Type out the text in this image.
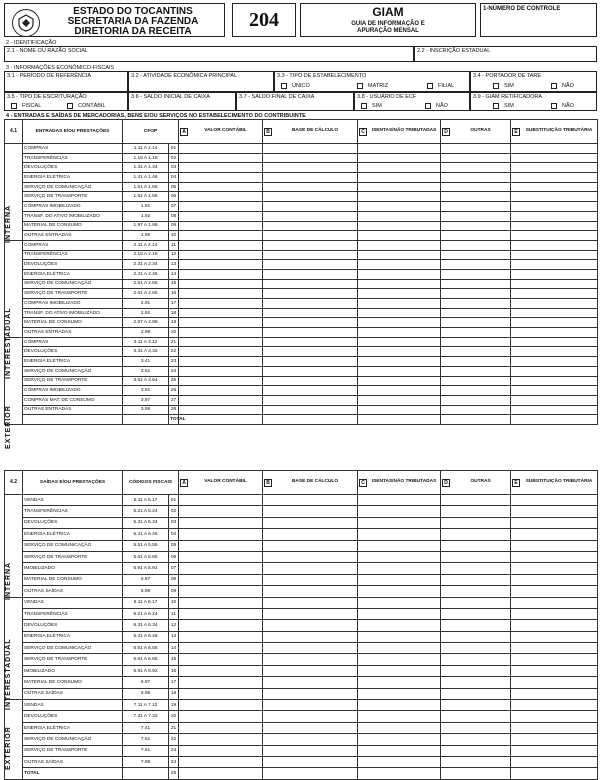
ESTADO DO TOCANTINS
SECRETARIA DA FAZENDA
DIRETORIA DA RECEITA
204	GIAM
GUIA DE INFORMAÇÃO E APURAÇÃO MENSAL
1-NÚMERO DE CONTROLE
2 - IDENTIFICAÇÃO
2.1 - NOME OU RAZÃO SOCIAL	2.2 - INSCRIÇÃO ESTADUAL
3 - INFORMAÇÕES ECONÔMICO-FISCAIS
3.1 - PERÍODO DE REFERÊNCIA	3.2 - ATIVIDADE ECONÔMICA PRINCIPAL	3.3 - TIPO DE ESTABELECIMENTO
ÚNICO	MATRIZ	FILIAL
3.4 - PORTADOR DE TARE
SIM	NÃO
3.5 - TIPO DE ESCRITURAÇÃO
FISCAL	CONTÁBIL
3.6 - SALDO INICIAL DE CAIXA	3.7 - SALDO FINAL DE CAIXA	3.8 - USUÁRIO DE ECF
SIM	NÃO
3.9 - GIAM RETIFICADORA
SIM	NÃO
4 - ENTRADAS E SAÍDAS DE MERCADORIAS, BENS E/OU SERVIÇOS NO ESTABELECIMENTO DO CONTRIBUINTE
4.1	ENTRADAS E/OU PRESTAÇÕES	CFOP		A VALOR CONTÁBIL	B BASE DE CÁLCULO	C ISENTAS/NÃO TRIBUTADAS	D OUTRAS	E SUBSTITUIÇÃO TRIBUTÁRIA
	COMPRAS	1.11 A 1.14	01					
	TRANSFERÊNCIAS	1.15 A 1.18	02					
	DEVOLUÇÕES	1.31 A 1.34	03					
	ENERGIA ELÉTRICA	1.41 A 1.46	04					
	SERVIÇO DE COMUNICAÇÃO	1.51 A 1.55	05					
	SERVIÇO DE TRANSPORTE	1.61 A 1.65	06					
	COMPRAS IMOBILIZADO	1.91	07					
	TRANSF. DO ATIVO IMOBILIZADO	1.92	08					
	MATERIAL DE CONSUMO	1.97 A 1.98	09					
	OUTRAS ENTRADAS	1.99	10					
	COMPRAS	2.11 A 2.14	11					
	TRANSFERÊNCIAS	2.15 A 2.18	12					
	DEVOLUÇÕES	2.31 A 2.34	13					
	ENERGIA ELÉTRICA	2.41 A 2.46	14					
	SERVIÇO DE COMUNICAÇÃO	2.51 A 2.55	15					
	SERVIÇO DE TRANSPORTE	2.61 A 2.65	16					
	COMPRAS IMOBILIZADO	2.91	17					
	TRANSF. DO ATIVO IMOBILIZADO	2.92	18					
	MATERIAL DE CONSUMO	2.97 A 2.98	19					
	OUTRAS ENTRADAS	2.99	20					
	COMPRAS	3.11 A 3.12	21					
	DEVOLUÇÕES	3.31 A 3.32	22					
	ENERGIA ELÉTRICA	3.41	23					
	SERVIÇO DE COMUNICAÇÃO	3.51	24					
	SERVIÇO DE TRANSPORTE	3.61 A 3.64	25					
	COMPRAS IMOBILIZADO	3.91	26					
	COMPRAS MAT. DE CONSUMO	3.97	27					
	OUTRAS ENTRADAS	3.99	28					
			TOTAL					
INTERNA
INTERESTADUAL
EXTERIOR
4.2	SAÍDAS E/OU PRESTAÇÕES	CÓDIGOS FISCAIS		A VALOR CONTÁBIL	B BASE DE CÁLCULO	C ISENTAS/NÃO TRIBUTADAS	D OUTRAS	E SUBSTITUIÇÃO TRIBUTÁRIA
	VENDAS	5.11 A 5.17	01					
	TRANSFERÊNCIAS	5.21 A 5.24	02					
	DEVOLUÇÕES	5.31 A 5.34	03					
	ENERGIA ELÉTRICA	5.41 A 5.46	04					
	SERVIÇO DE COMUNICAÇÃO	5.51 A 5.55	05					
	SERVIÇO DE TRANSPORTE	5.61 A 5.65	06					
	IMOBILIZADO	5.91 A 5.92	07					
	MATERIAL DE CONSUMO	5.97	08					
	OUTRAS SAÍDAS	5.99	09					
	VENDAS	6.11 A 6.17	10					
	TRANSFERÊNCIAS	6.21 A 6.24	11					
	DEVOLUÇÕES	6.31 A 6.34	12					
	ENERGIA ELÉTRICA	6.41 A 6.46	13					
	SERVIÇO DE COMUNICAÇÃO	6.51 A 6.55	14					
	SERVIÇO DE TRANSPORTE	6.61 A 6.65	15					
	IMOBILIZADO	6.91 A 6.92	16					
	MATERIAL DE CONSUMO	6.97	17					
	OUTRAS SAÍDAS	6.99	18					
	VENDAS	7.11 A 7.12	19					
	DEVOLUÇÕES	7.31 A 7.32	20					
	ENERGIA ELÉTRICA	7.41	21					
	SERVIÇO DE COMUNICAÇÃO	7.51	22					
	SERVIÇO DE TRANSPORTE	7.61	23					
	OUTRAS SAÍDAS	7.99	24					
	TOTAL		25					
INTERNA
INTERESTADUAL
EXTERIOR
